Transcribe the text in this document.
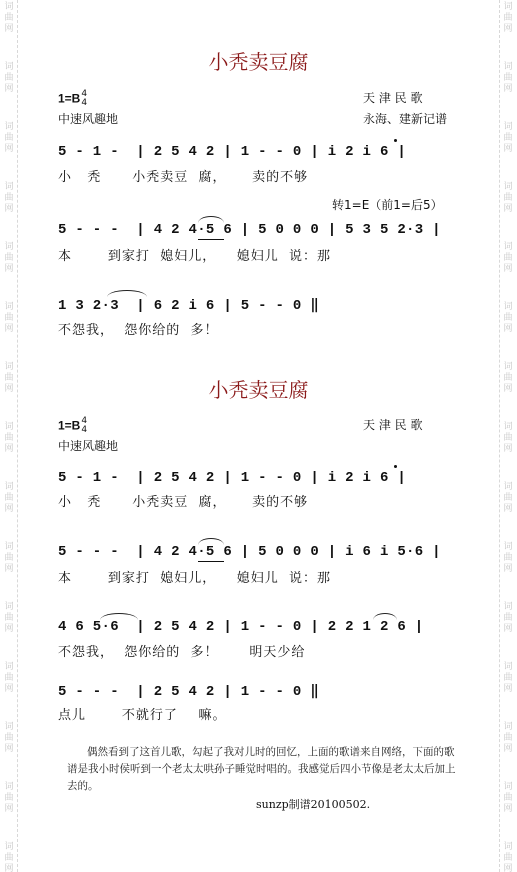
词
曲
网
词
曲
网
词
曲
网
词
曲
网
词
曲
网
词
曲
网
词
曲
网
词
曲
网
词
曲
网
词
曲
网
词
曲
网
词
曲
网
词
曲
网
词
曲
网
词
曲
网
词
曲
网
词
曲
网
词
曲
网
词
曲
网
词
曲
网
词
曲
网
词
曲
网
词
曲
网
词
曲
网
词
曲
网
词
曲
网
词
曲
网
词
曲
网
词
曲
网
词
曲
网
小秃卖豆腐
1=B 4
4	天 津 民 歌
中速风趣地	永海、建新记谱
5 - 1 -  | 2 5 4 2 | 1 - - 0 | i 2 i 6 |
小   秃      小秃卖豆  腐，     卖的不够
转1=E（前1=后5）
5 - - -  | 4 2 4·5 6 | 5 0 0 0 | 5 3 5 2·3 |
本       到家打  媳妇儿，    媳妇儿  说：那
1 3 2·3  | 6 2 i 6 | 5 - - 0 ‖
不怨我，  怨你给的  多！
小秃卖豆腐
1=B 4
4	天 津 民 歌
中速风趣地
5 - 1 -  | 2 5 4 2 | 1 - - 0 | i 2 i 6 |
小   秃      小秃卖豆  腐，     卖的不够
5 - - -  | 4 2 4·5 6 | 5 0 0 0 | i 6 i 5·6 |
本       到家打  媳妇儿，    媳妇儿  说：那
4 6 5·6  | 2 5 4 2 | 1 - - 0 | 2 2 1 2 6 |
不怨我，  怨你给的  多！      明天少给
5 - - -  | 2 5 4 2 | 1 - - 0 ‖
点儿       不就行了    嘛。
偶然看到了这首儿歌，勾起了我对儿时的回忆，上面的歌谱来自网络，下面的歌谱是我小时侯听到一个老太太哄孙子睡觉时唱的。我感觉后四小节像是老太太后加上去的。
sunzp制谱20100502.
